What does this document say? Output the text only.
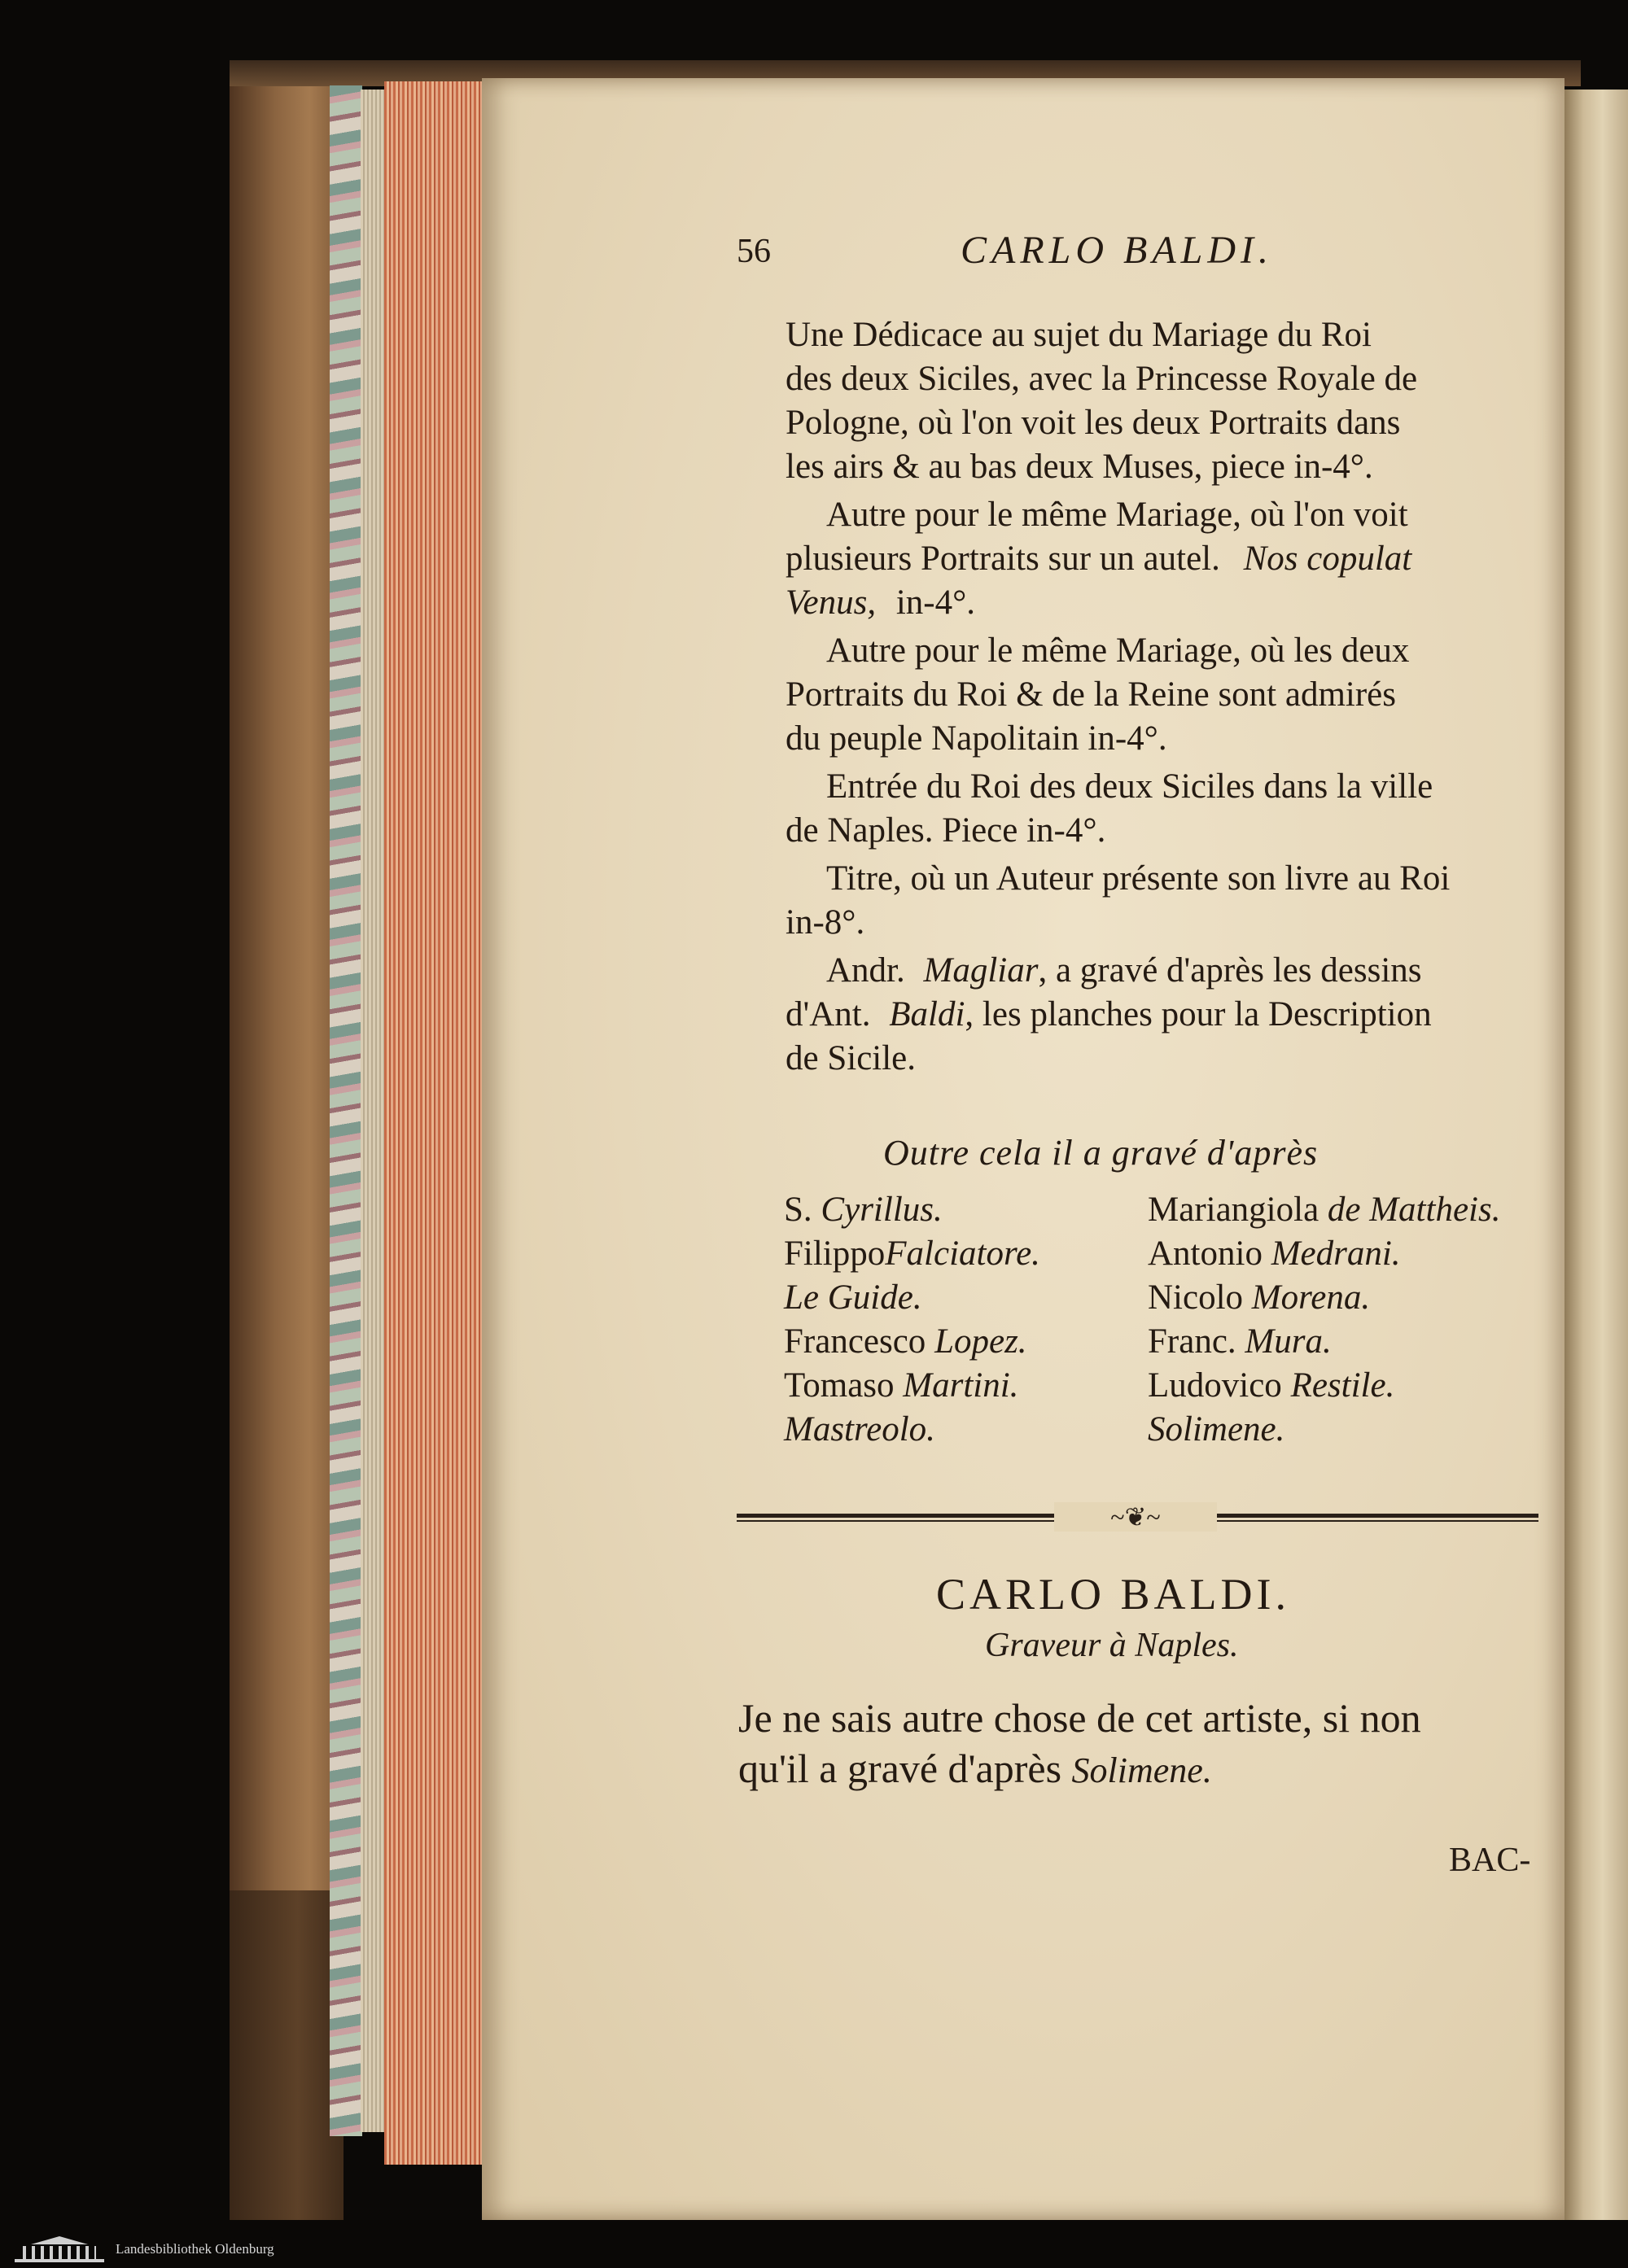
56	CARLO BALDI.
Une Dédicace au sujet du Mariage du Roi
des deux Siciles, avec la Princesse Royale de
Pologne, où l'on voit les deux Portraits dans
les airs & au bas deux Muses, piece in-4°.
Autre pour le même Mariage, où l'on voit
plusieurs Portraits sur un autel. Nos copulat
Venus, in-4°.
Autre pour le même Mariage, où les deux
Portraits du Roi & de la Reine sont admirés
du peuple Napolitain in-4°.
Entrée du Roi des deux Siciles dans la ville
de Naples. Piece in-4°.
Titre, où un Auteur présente son livre au Roi
in-8°.
Andr. Magliar, a gravé d'après les dessins
d'Ant. Baldi, les planches pour la Description
de Sicile.
Outre cela il a gravé d'après
S. Cyrillus.
FilippoFalciatore.
Le Guide.
Francesco Lopez.
Tomaso Martini.
Mastreolo.
Mariangiola de Mattheis.
Antonio Medrani.
Nicolo Morena.
Franc. Mura.
Ludovico Restile.
Solimene.
~❦~
CARLO BALDI.
Graveur à Naples.
Je ne sais autre chose de cet artiste, si non
qu'il a gravé d'après Solimene.
BAC-
Landesbibliothek Oldenburg
